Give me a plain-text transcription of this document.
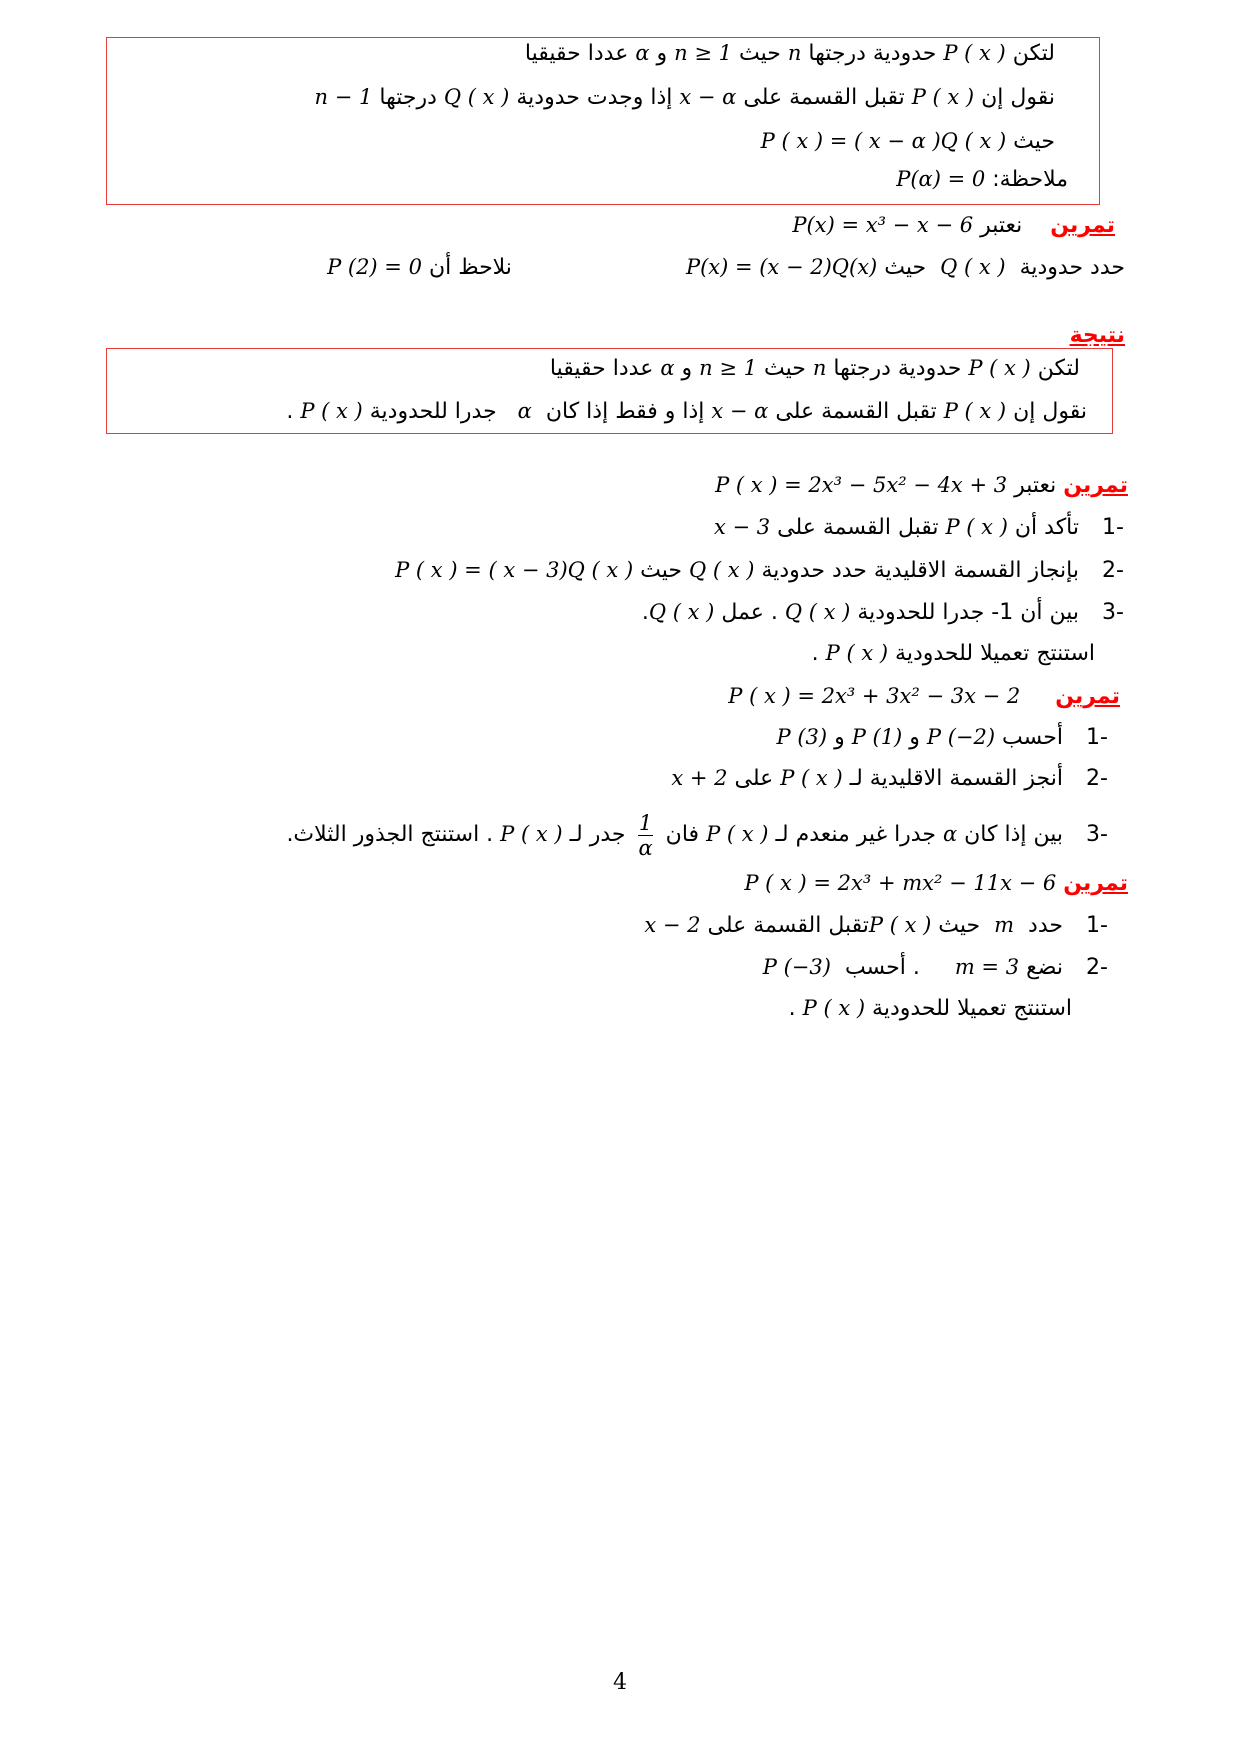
لتكن P ( x ) حدودية درجتها n حيث n ≥ 1 و α عددا حقيقيا
نقول إن P ( x ) تقبل القسمة على x − α إذا وجدت حدودية Q ( x ) درجتها n − 1
حيث P ( x ) = ( x − α )Q ( x )
ملاحظة: P(α) = 0
تمرين    نعتبر P(x) = x³ − x − 6
حدد حدودية  Q ( x )  حيث P(x) = (x − 2)Q(x)  نلاحظ أن P (2) = 0
نتيجة
لتكن P ( x ) حدودية درجتها n حيث n ≥ 1 و α عددا حقيقيا
نقول إن P ( x ) تقبل القسمة على x − α إذا و فقط إذا كان  α   جدرا للحدودية P ( x ) .
تمرين نعتبر P ( x ) = 2x³ − 5x² − 4x + 3
-1 تأكد أن P ( x ) تقبل القسمة على x − 3
-2 بإنجاز القسمة الاقليدية حدد حدودية Q ( x ) حيث P ( x ) = ( x − 3)Q ( x )
-3 بين أن 1- جدرا للحدودية Q ( x ) . عمل Q ( x ).
استنتج تعميلا للحدودية P ( x ) .
تمرين     P ( x ) = 2x³ + 3x² − 3x − 2
-1 أحسب P (−2) و P (1) و P (3)
-2 أنجز القسمة الاقليدية لـ P ( x ) على x + 2
-3 بين إذا كان α جدرا غير منعدم لـ P ( x ) فان
$\frac{1}{\alpha}$
جدر لـ P ( x ) . استنتج الجذور الثلاث.
تمرين P ( x ) = 2x³ + mx² − 11x − 6
-1 حدد  m  حيث P ( x )تقبل القسمة على x − 2
-2 نضع m = 3     . أحسب  P (−3)
استنتج تعميلا للحدودية P ( x ) .
4
